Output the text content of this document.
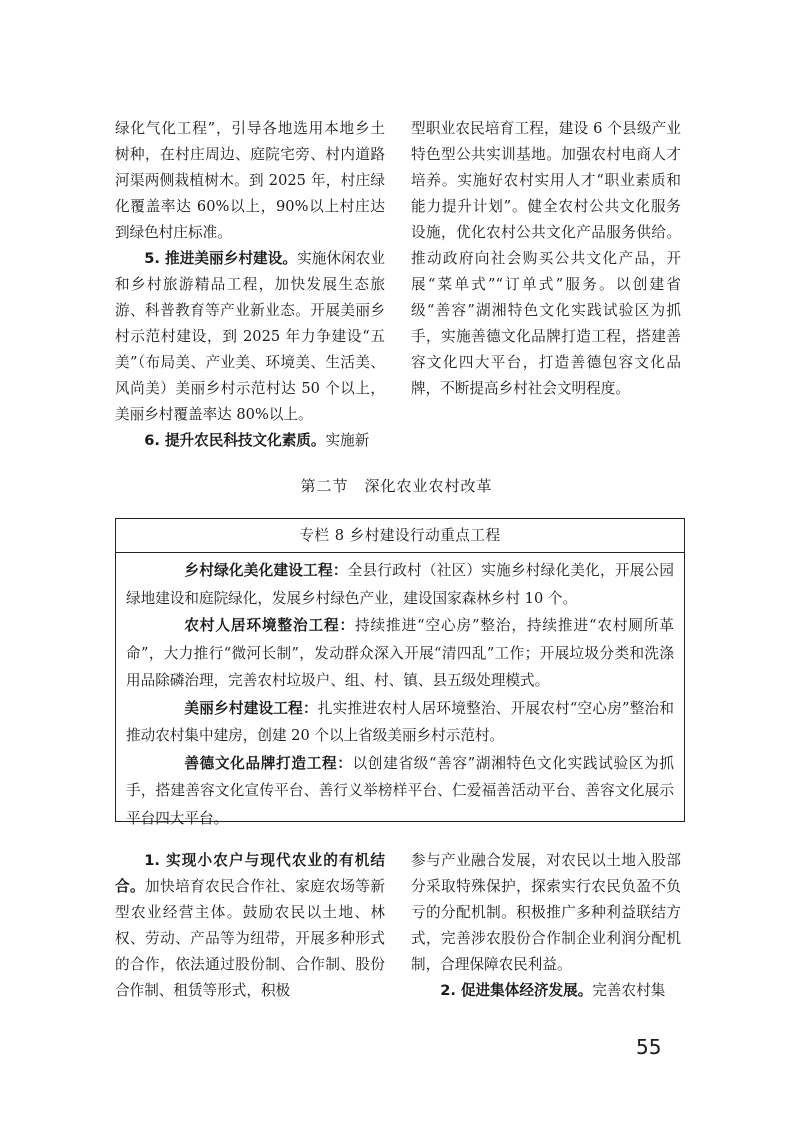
绿化气化工程”，引导各地选用本地乡土树种，在村庄周边、庭院宅旁、村内道路河渠两侧栽植树木。到 2025 年，村庄绿化覆盖率达 60%以上，90%以上村庄达到绿色村庄标准。

5. 推进美丽乡村建设。实施休闲农业和乡村旅游精品工程，加快发展生态旅游、科普教育等产业新业态。开展美丽乡村示范村建设，到 2025 年力争建设“五美”（布局美、产业美、环境美、生活美、风尚美）美丽乡村示范村达 50 个以上，美丽乡村覆盖率达 80%以上。

6. 提升农民科技文化素质。实施新

型职业农民培育工程，建设 6 个县级产业特色型公共实训基地。加强农村电商人才培养。实施好农村实用人才“职业素质和能力提升计划”。健全农村公共文化服务设施，优化农村公共文化产品服务供给。推动政府向社会购买公共文化产品，开展“菜单式”“订单式”服务。以创建省级“善容”湖湘特色文化实践试验区为抓手，实施善德文化品牌打造工程，搭建善容文化四大平台，打造善德包容文化品牌，不断提高乡村社会文明程度。

第二节　深化农业农村改革
专栏 8 乡村建设行动重点工程

乡村绿化美化建设工程：全县行政村（社区）实施乡村绿化美化，开展公园绿地建设和庭院绿化，发展乡村绿色产业，建设国家森林乡村 10 个。

农村人居环境整治工程：持续推进“空心房”整治，持续推进“农村厕所革命”，大力推行“微河长制”，发动群众深入开展“清四乱”工作；开展垃圾分类和洗涤用品除磷治理，完善农村垃圾户、组、村、镇、县五级处理模式。

美丽乡村建设工程：扎实推进农村人居环境整治、开展农村“空心房”整治和推动农村集中建房，创建 20 个以上省级美丽乡村示范村。

善德文化品牌打造工程：以创建省级“善容”湖湘特色文化实践试验区为抓手，搭建善容文化宣传平台、善行义举榜样平台、仁爱福善活动平台、善容文化展示平台四大平台。

1. 实现小农户与现代农业的有机结合。加快培育农民合作社、家庭农场等新型农业经营主体。鼓励农民以土地、林权、劳动、产品等为纽带，开展多种形式的合作，依法通过股份制、合作制、股份合作制、租赁等形式，积极

参与产业融合发展，对农民以土地入股部分采取特殊保护，探索实行农民负盈不负亏的分配机制。积极推广多种利益联结方式，完善涉农股份合作制企业利润分配机制，合理保障农民利益。

2. 促进集体经济发展。完善农村集

55
